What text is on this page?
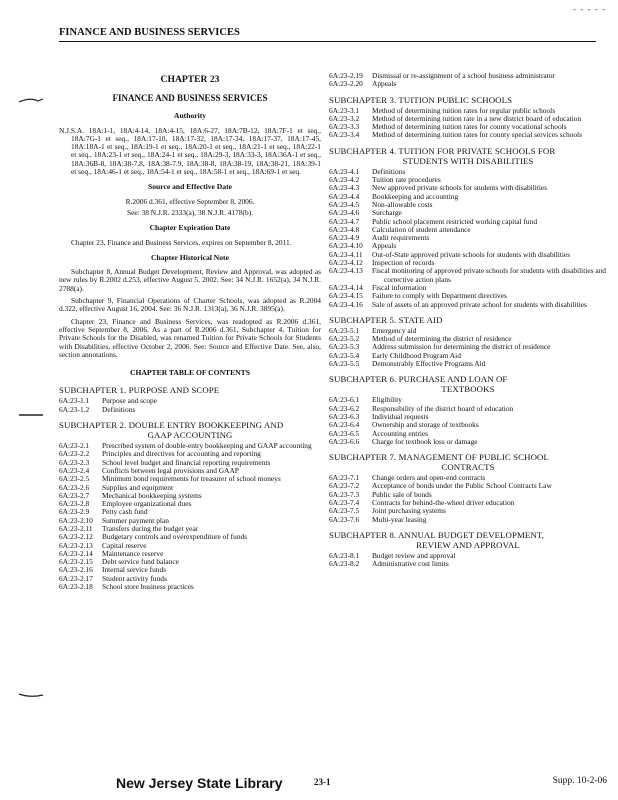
- - - - -
FINANCE AND BUSINESS SERVICES
CHAPTER 23
FINANCE AND BUSINESS SERVICES
Authority
N.J.S.A. 18A:1-1, 18A:4-14, 18A:4-15, 18A:6-27, 18A:7B-12, 18A:7F-1 et seq., 18A:7G-1 et seq., 18A:17-10, 18A:17-32, 18A:17-34, 18A:17-37, 18A:17-45, 18A:18A-1 et seq., 18A:19-1 et seq., 18A:20-1 et seq., 18A:21-1 et seq., 18A:22-1 et seq., 18A:23-1 et seq., 18A:24-1 et seq., 18A:29-3, 18A:33-3, 18A:36A-1 et seq., 18A:36B-8, 18A:38-7.8, 18A:38-7.9, 18A:38-8, 18A:38-19, 18A:38-21, 18A:39-1 et seq., 18A:46-1 et seq., 18A:54-1 et seq., 18A:58-1 et seq., 18A:69-1 et seq.
Source and Effective Date
R.2006 d.361, effective September 8, 2006.
See: 38 N.J.R. 2333(a), 38 N.J.R. 4178(b).
Chapter Expiration Date
Chapter 23, Finance and Business Services, expires on September 8, 2011.
Chapter Historical Note
Subchapter 8, Annual Budget Development, Review and Approval, was adopted as new rules by R.2002 d.253, effective August 5, 2002. See: 34 N.J.R. 1652(a), 34 N.J.R. 2788(a).
Subchapter 9, Financial Operations of Charter Schools, was adopted as R.2004 d.322, effective August 16, 2004. See: 36 N.J.R. 1313(a), 36 N.J.R. 3895(a).
Chapter 23, Finance and Business Services, was readopted as R.2006 d.361, effective September 8, 2006. As a part of R.2006 d.361, Subchapter 4, Tuition for Private Schools for the Disabled, was renamed Tuition for Private Schools for Students with Disabilities, effective October 2, 2006. See: Source and Effective Date. See, also, section annotations.
CHAPTER TABLE OF CONTENTS
SUBCHAPTER 1. PURPOSE AND SCOPE
6A:23-1.1	Purpose and scope
6A:23-1.2	Definitions
SUBCHAPTER 2. DOUBLE ENTRY BOOKKEEPING AND
GAAP ACCOUNTING
6A:23-2.1	Prescribed system of double-entry bookkeeping and GAAP accounting
6A:23-2.2	Principles and directives for accounting and reporting
6A:23-2.3	School level budget and financial reporting requirements
6A:23-2.4	Conflicts between legal provisions and GAAP
6A:23-2.5	Minimum bond requirements for treasurer of school moneys
6A:23-2.6	Supplies and equipment
6A:23-2.7	Mechanical bookkeeping systems
6A:23-2.8	Employee organizational dues
6A:23-2.9	Petty cash fund
6A:23-2.10	Summer payment plan
6A:23-2.11	Transfers during the budget year
6A:23-2.12	Budgetary controls and overexpenditure of funds
6A:23-2.13	Capital reserve
6A:23-2.14	Maintenance reserve
6A:23-2.15	Debt service fund balance
6A:23-2.16	Internal service funds
6A:23-2.17	Student activity funds
6A:23-2.18	School store business practices
6A:23-2.19	Dismissal or re-assignment of a school business administrator
6A:23-2.20	Appeals
SUBCHAPTER 3. TUITION PUBLIC SCHOOLS
6A:23-3.1	Method of determining tuition rates for regular public schools
6A:23-3.2	Method of determining tuition rate in a new district board of education
6A:23-3.3	Method of determining tuition rates for county vocational schools
6A:23-3.4	Method of determining tuition rates for county special services schools
SUBCHAPTER 4. TUITION FOR PRIVATE SCHOOLS FOR
STUDENTS WITH DISABILITIES
6A:23-4.1	Definitions
6A:23-4.2	Tuition rate procedures
6A:23-4.3	New approved private schools for students with disabilities
6A:23-4.4	Bookkeeping and accounting
6A:23-4.5	Non-allowable costs
6A:23-4.6	Surcharge
6A:23-4.7	Public school placement restricted working capital fund
6A:23-4.8	Calculation of student attendance
6A:23-4.9	Audit requirements
6A:23-4.10	Appeals
6A:23-4.11	Out-of-State approved private schools for students with disabilities
6A:23-4.12	Inspection of records
6A:23-4.13	Fiscal monitoring of approved private schools for students with disabilities and corrective action plans
6A:23-4.14	Fiscal information
6A:23-4.15	Failure to comply with Department directives
6A:23-4.16	Sale of assets of an approved private school for students with disabilities
SUBCHAPTER 5. STATE AID
6A:23-5.1	Emergency aid
6A:23-5.2	Method of determining the district of residence
6A:23-5.3	Address submission for determining the district of residence
6A:23-5.4	Early Childhood Program Aid
6A:23-5.5	Demonstrably Effective Programs Aid
SUBCHAPTER 6. PURCHASE AND LOAN OF
TEXTBOOKS
6A:23-6.1	Eligibility
6A:23-6.2	Responsibility of the district board of education
6A:23-6.3	Individual requests
6A:23-6.4	Ownership and storage of textbooks
6A:23-6.5	Accounting entries
6A:23-6.6	Charge for textbook loss or damage
SUBCHAPTER 7. MANAGEMENT OF PUBLIC SCHOOL
CONTRACTS
6A:23-7.1	Change orders and open-end contracts
6A:23-7.2	Acceptance of bonds under the Public School Contracts Law
6A:23-7.3	Public sale of bonds
6A:23-7.4	Contracts for behind-the-wheel driver education
6A:23-7.5	Joint purchasing systems
6A:23-7.6	Multi-year leasing
SUBCHAPTER 8. ANNUAL BUDGET DEVELOPMENT,
REVIEW AND APPROVAL
6A:23-8.1	Budget review and approval
6A:23-8.2	Administrative cost limits
New Jersey State Library	23-1	Supp. 10-2-06
